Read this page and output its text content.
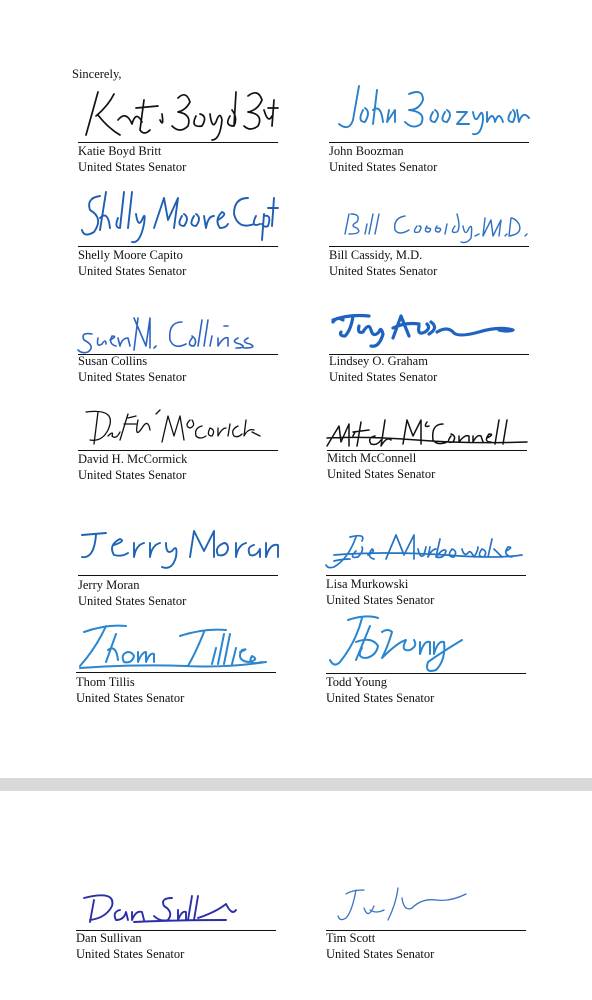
Sincerely,
Katie Boyd Britt
United States Senator
John Boozman
United States Senator
Shelly Moore Capito
United States Senator
Bill Cassidy, M.D.
United States Senator
Susan Collins
United States Senator
Lindsey O. Graham
United States Senator
David H. McCormick
United States Senator
Mitch McConnell
United States Senator
Jerry Moran
United States Senator
Lisa Murkowski
United States Senator
Thom Tillis
United States Senator
Todd Young
United States Senator
Dan Sullivan
United States Senator
Tim Scott
United States Senator
